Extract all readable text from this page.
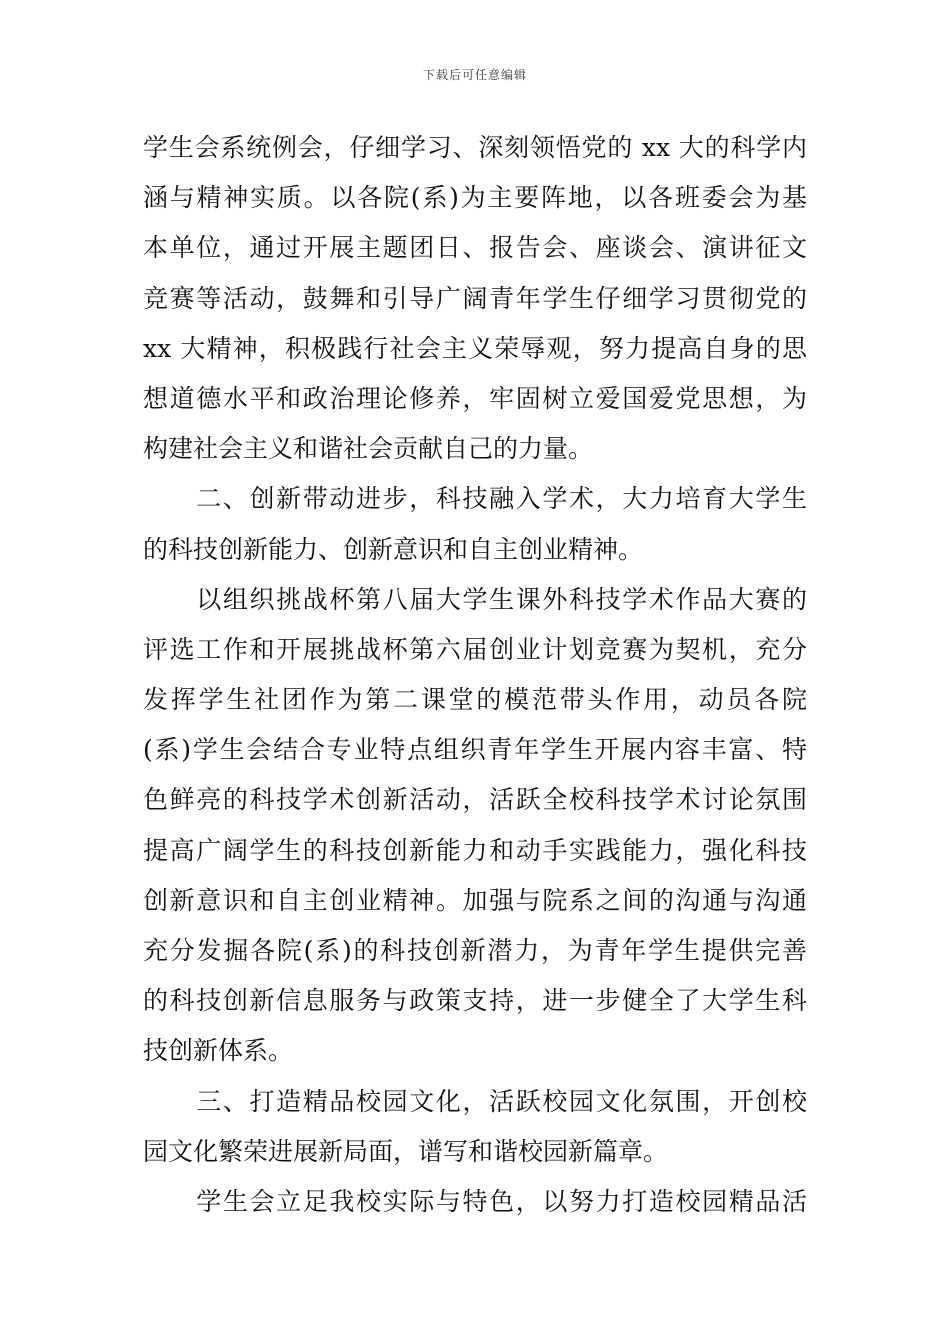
下载后可任意编辑
学生会系统例会，仔细学习、深刻领悟党的 xx 大的科学内
涵与精神实质。以各院(系)为主要阵地，以各班委会为基
本单位，通过开展主题团日、报告会、座谈会、演讲征文
竞赛等活动，鼓舞和引导广阔青年学生仔细学习贯彻党的
xx 大精神，积极践行社会主义荣辱观，努力提高自身的思
想道德水平和政治理论修养，牢固树立爱国爱党思想，为
构建社会主义和谐社会贡献自己的力量。
　　二、创新带动进步，科技融入学术，大力培育大学生
的科技创新能力、创新意识和自主创业精神。
　　以组织挑战杯第八届大学生课外科技学术作品大赛的
评选工作和开展挑战杯第六届创业计划竞赛为契机，充分
发挥学生社团作为第二课堂的模范带头作用，动员各院
(系)学生会结合专业特点组织青年学生开展内容丰富、特
色鲜亮的科技学术创新活动，活跃全校科技学术讨论氛围
提高广阔学生的科技创新能力和动手实践能力，强化科技
创新意识和自主创业精神。加强与院系之间的沟通与沟通
充分发掘各院(系)的科技创新潜力，为青年学生提供完善
的科技创新信息服务与政策支持，进一步健全了大学生科
技创新体系。
　　三、打造精品校园文化，活跃校园文化氛围，开创校
园文化繁荣进展新局面，谱写和谐校园新篇章。
　　学生会立足我校实际与特色，以努力打造校园精品活
